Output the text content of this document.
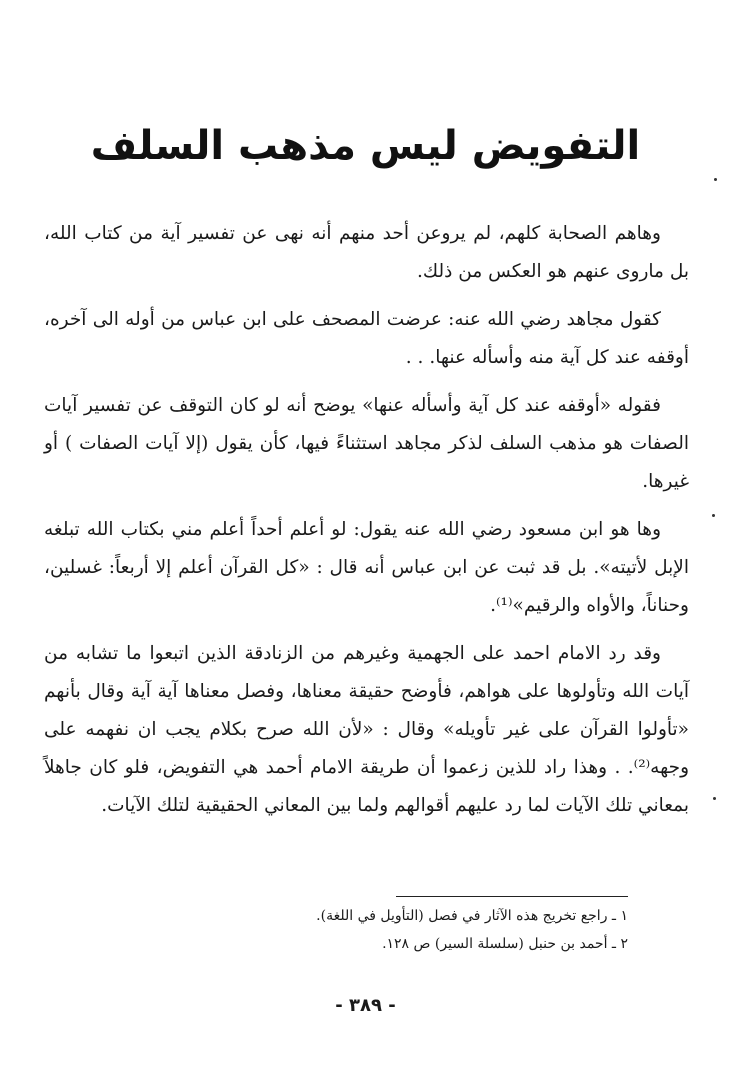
التفويض ليس مذهب السلف

وهاهم الصحابة كلهم، لم يروعن أحد منهم أنه نهى عن تفسير آية من كتاب الله، بل ماروى عنهم هو العكس من ذلك.

كقول مجاهد رضي الله عنه: عرضت المصحف على ابن عباس من أوله الى آخره، أوقفه عند كل آية منه وأسأله عنها. . .

فقوله «أوقفه عند كل آية وأسأله عنها» يوضح أنه لو كان التوقف عن تفسير آيات الصفات هو مذهب السلف لذكر مجاهد استثناءً فيها، كأن يقول (إلا آيات الصفات ) أو غيرها.

وها هو ابن مسعود رضي الله عنه يقول: لو أعلم أحداً أعلم مني بكتاب الله تبلغه الإبل لأتيته». بل قد ثبت عن ابن عباس أنه قال : «كل القرآن أعلم إلا أربعاً: غسلين، وحناناً، والأواه والرقيم»⁽¹⁾.

وقد رد الامام احمد على الجهمية وغيرهم من الزنادقة الذين اتبعوا ما تشابه من آيات الله وتأولوها على هواهم، فأوضح حقيقة معناها، وفصل معناها آية آية وقال بأنهم «تأولوا القرآن على غير تأويله» وقال : «لأن الله صرح بكلام يجب ان نفهمه على وجهه⁽²⁾. . وهذا راد للذين زعموا أن طريقة الامام أحمد هي التفويض، فلو كان جاهلاً بمعاني تلك الآيات لما رد عليهم أقوالهم ولما بين المعاني الحقيقية لتلك الآيات.

١ ـ راجع تخريج هذه الآثار في فصل (التأويل في اللغة).
٢ ـ أحمد بن حنبل (سلسلة السير) ص ١٢٨.
- ٣٨٩ -
